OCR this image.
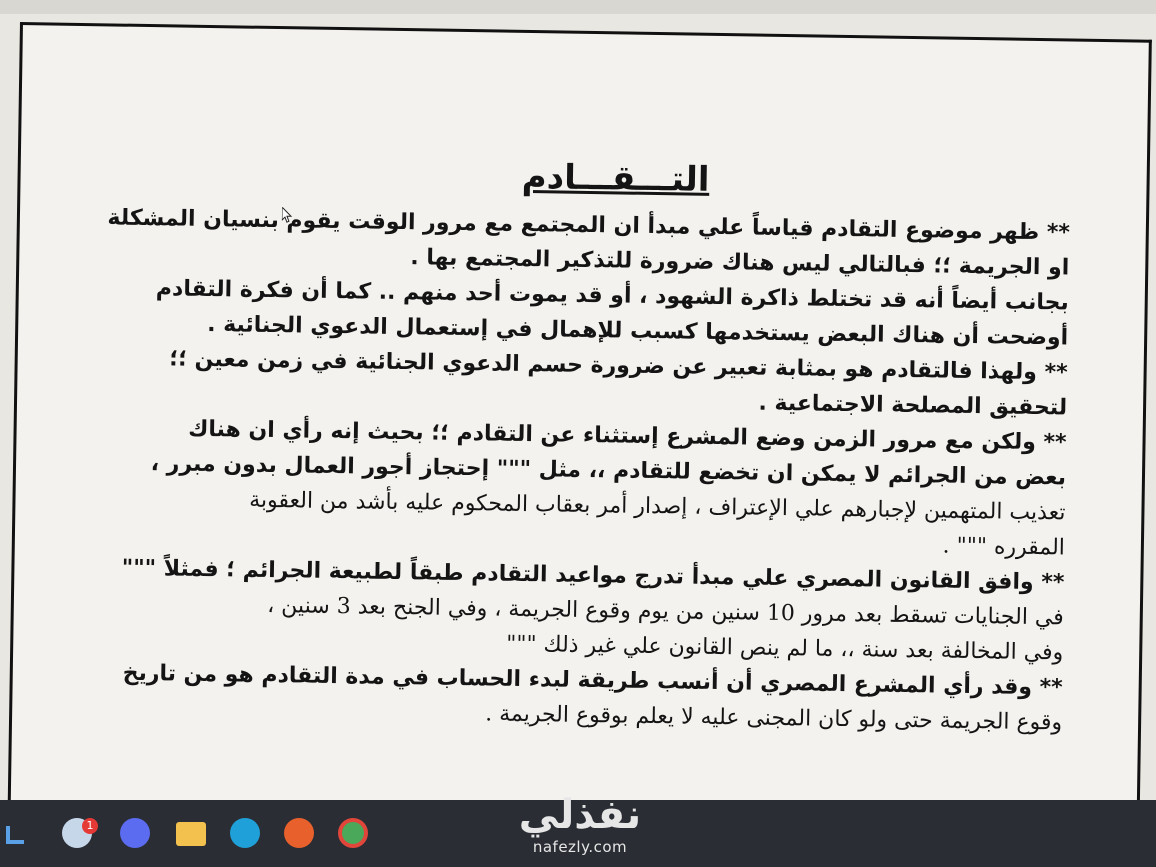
التـــقـــادم
** ظهر موضوع التقادم قياساً علي مبدأ ان المجتمع مع مرور الوقت يقوم بنسيان المشكلة
او الجريمة ؛؛ فبالتالي ليس هناك ضرورة للتذكير المجتمع بها .
بجانب أيضاً أنه قد تختلط ذاكرة الشهود ، أو قد يموت أحد منهم .. كما أن فكرة التقادم
أوضحت أن هناك البعض يستخدمها كسبب للإهمال في إستعمال الدعوي الجنائية .
** ولهذا فالتقادم هو بمثابة تعبير عن ضرورة حسم الدعوي الجنائية في زمن معين ؛؛
لتحقيق المصلحة الاجتماعية .
** ولكن مع مرور الزمن وضع المشرع إستثناء عن التقادم ؛؛ بحيث إنه رأي ان هناك
بعض من الجرائم لا يمكن ان تخضع للتقادم ،، مثل """ إحتجاز أجور العمال بدون مبرر ،
تعذيب المتهمين لإجبارهم علي الإعتراف ، إصدار أمر بعقاب المحكوم عليه بأشد من العقوبة
المقرره """ .
** وافق القانون المصري علي مبدأ تدرج مواعيد التقادم طبقاً لطبيعة الجرائم ؛ فمثلاً """
في الجنايات تسقط بعد مرور 10 سنين من يوم وقوع الجريمة ، وفي الجنح بعد 3 سنين ،
وفي المخالفة بعد سنة ،، ما لم ينص القانون علي غير ذلك """
** وقد رأي المشرع المصري أن أنسب طريقة لبدء الحساب في مدة التقادم هو من تاريخ
وقوع الجريمة حتى ولو كان المجنى عليه لا يعلم بوقوع الجريمة .
1	نفذلي
nafezly.com
